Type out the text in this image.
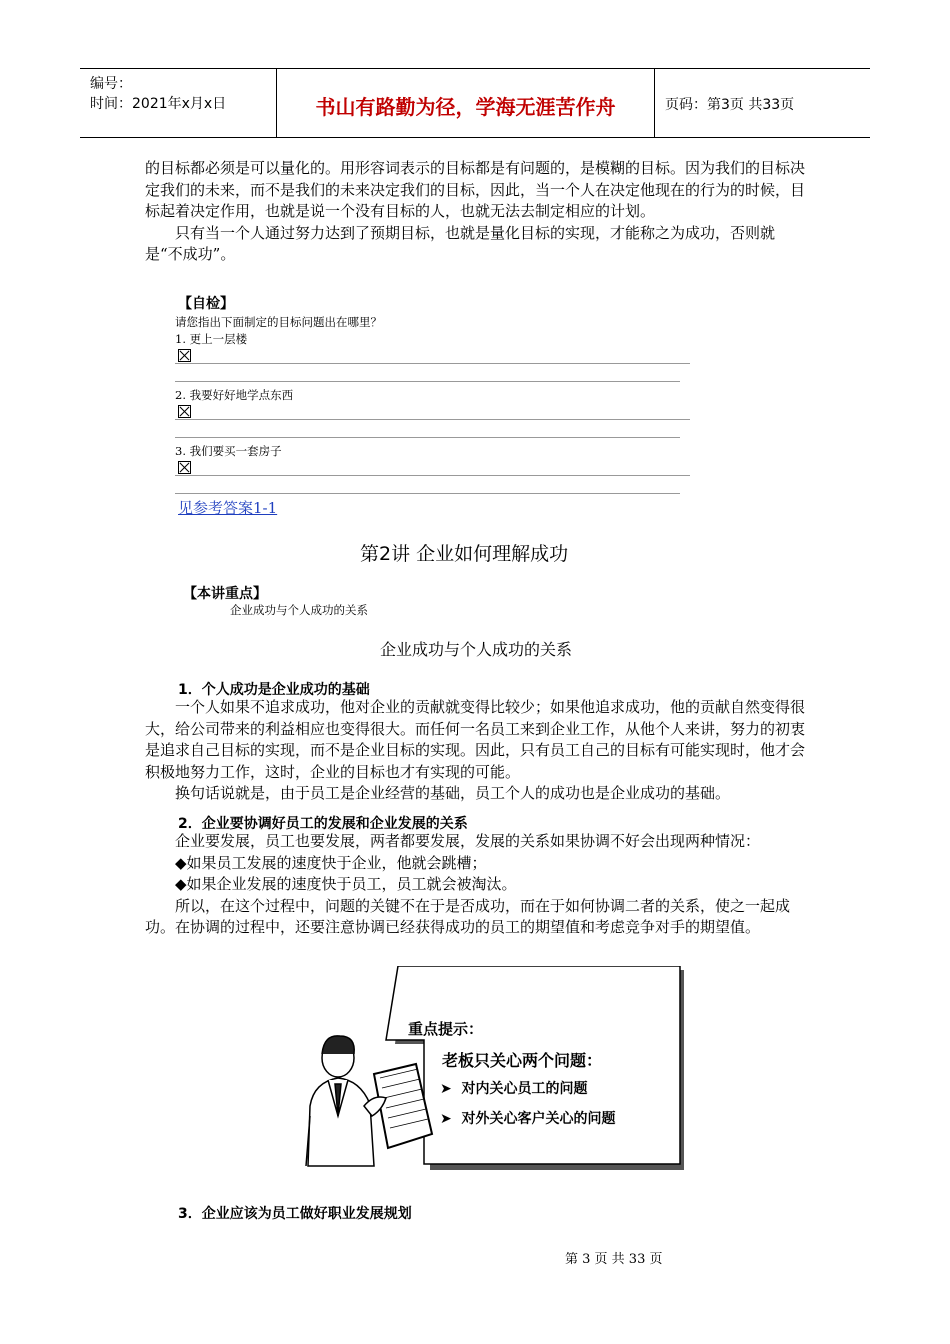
编号：
时间：2021年x月x日	书山有路勤为径，学海无涯苦作舟	页码：第3页 共33页

的目标都必须是可以量化的。用形容词表示的目标都是有问题的，是模糊的目标。因为我们的目标决定我们的未来，而不是我们的未来决定我们的目标，因此，当一个人在决定他现在的行为的时候，目标起着决定作用，也就是说一个没有目标的人，也就无法去制定相应的计划。

只有当一个人通过努力达到了预期目标，也就是量化目标的实现，才能称之为成功，否则就是“不成功”。

【自检】
请您指出下面制定的目标问题出在哪里？
1. 更上一层楼
2. 我要好好地学点东西
3. 我们要买一套房子
见参考答案1-1
第2讲 企业如何理解成功
【本讲重点】
企业成功与个人成功的关系
企业成功与个人成功的关系
1．个人成功是企业成功的基础

一个人如果不追求成功，他对企业的贡献就变得比较少；如果他追求成功，他的贡献自然变得很大，给公司带来的利益相应也变得很大。而任何一名员工来到企业工作，从他个人来讲，努力的初衷是追求自己目标的实现，而不是企业目标的实现。因此，只有员工自己的目标有可能实现时，他才会积极地努力工作，这时，企业的目标也才有实现的可能。

换句话说就是，由于员工是企业经营的基础，员工个人的成功也是企业成功的基础。

2．企业要协调好员工的发展和企业发展的关系

企业要发展，员工也要发展，两者都要发展，发展的关系如果协调不好会出现两种情况：

◆如果员工发展的速度快于企业，他就会跳槽；

◆如果企业发展的速度快于员工，员工就会被淘汰。

所以，在这个过程中，问题的关键不在于是否成功，而在于如何协调二者的关系，使之一起成功。在协调的过程中，还要注意协调已经获得成功的员工的期望值和考虑竞争对手的期望值。

重点提示：
老板只关心两个问题：
➤ 对内关心员工的问题
➤ 对外关心客户关心的问题
3．企业应该为员工做好职业发展规划
第 3 页 共 33 页
